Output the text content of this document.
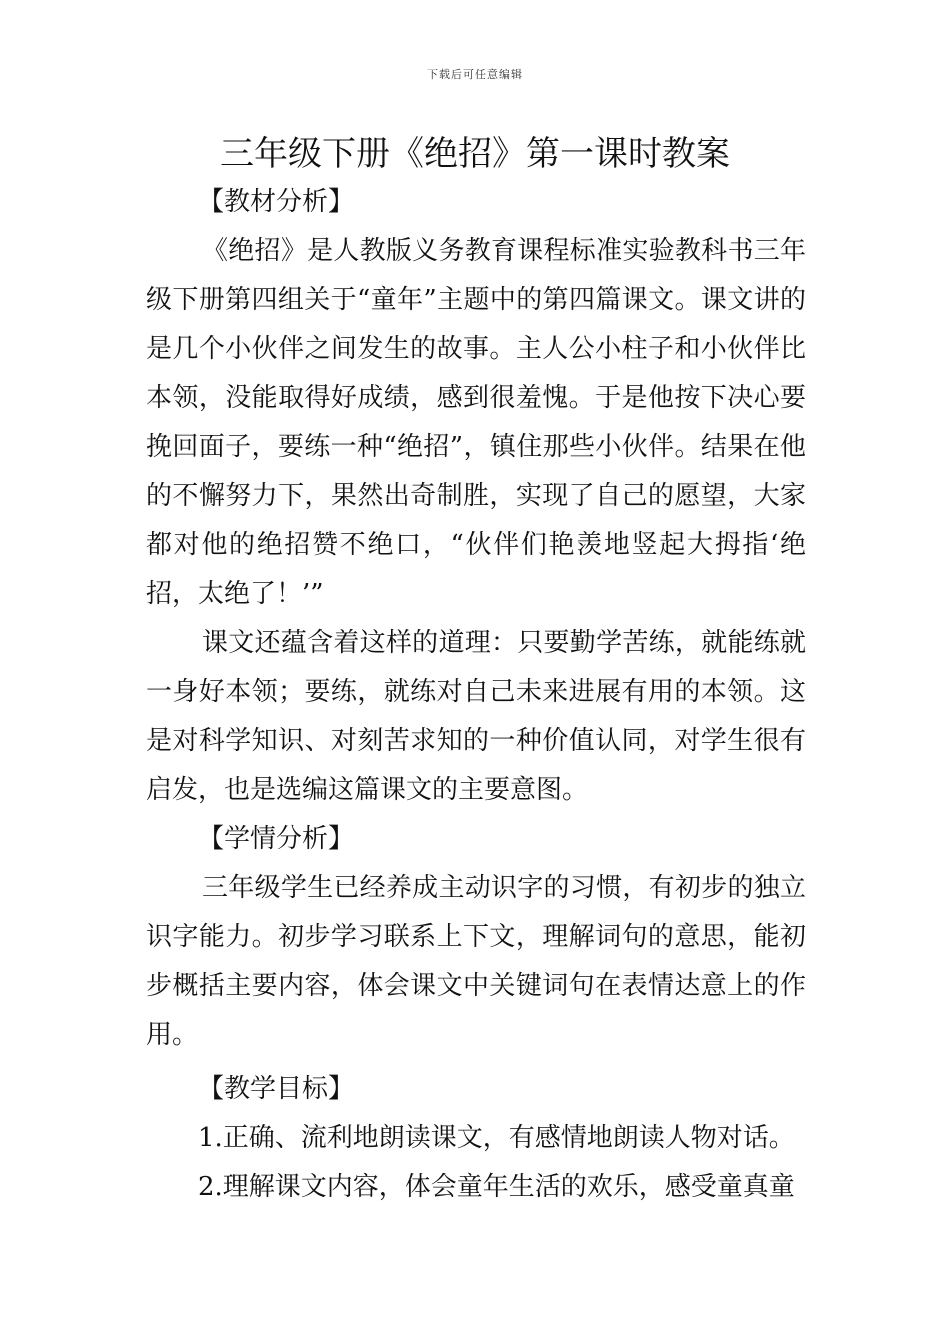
下载后可任意编辑
三年级下册《绝招》第一课时教案
【教材分析】

《绝招》是人教版义务教育课程标准实验教科书三年级下册第四组关于“童年”主题中的第四篇课文。课文讲的是几个小伙伴之间发生的故事。主人公小柱子和小伙伴比本领，没能取得好成绩，感到很羞愧。于是他按下决心要挽回面子，要练一种“绝招”，镇住那些小伙伴。结果在他的不懈努力下，果然出奇制胜，实现了自己的愿望，大家都对他的绝招赞不绝口，“伙伴们艳羡地竖起大拇指‘绝招，太绝了！’”

课文还蕴含着这样的道理：只要勤学苦练，就能练就一身好本领；要练，就练对自己未来进展有用的本领。这是对科学知识、对刻苦求知的一种价值认同，对学生很有启发，也是选编这篇课文的主要意图。

【学情分析】

三年级学生已经养成主动识字的习惯，有初步的独立识字能力。初步学习联系上下文，理解词句的意思，能初步概括主要内容，体会课文中关键词句在表情达意上的作用。

【教学目标】

1.正确、流利地朗读课文，有感情地朗读人物对话。

2.理解课文内容，体会童年生活的欢乐，感受童真童
